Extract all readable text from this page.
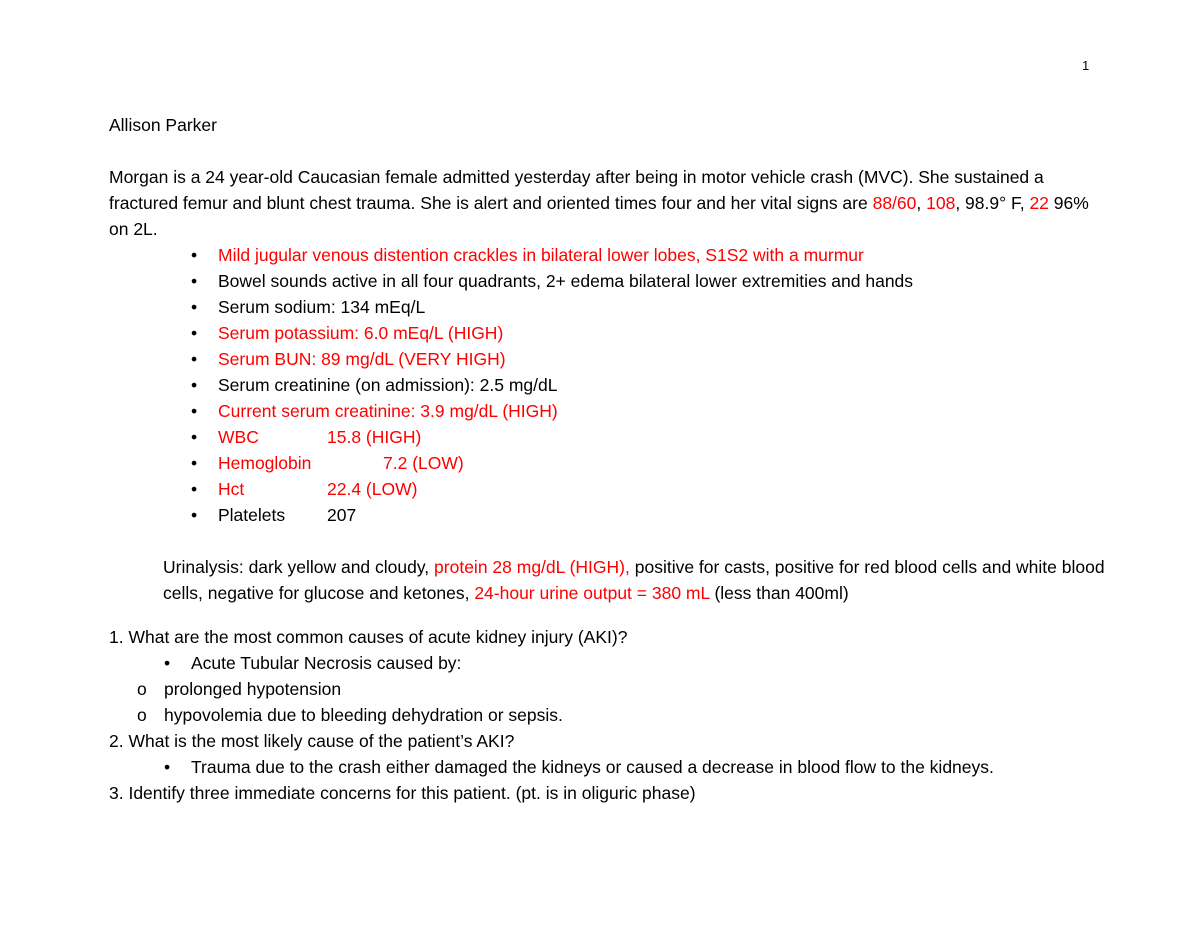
1

Allison Parker

Morgan is a 24 year-old Caucasian female admitted yesterday after being in motor vehicle crash (MVC). She sustained a fractured femur and blunt chest trauma. She is alert and oriented times four and her vital signs are 88/60, 108, 98.9° F, 22 96% on 2L.

• Mild jugular venous distention crackles in bilateral lower lobes, S1S2 with a murmur
• Bowel sounds active in all four quadrants, 2+ edema bilateral lower extremities and hands
• Serum sodium: 134 mEq/L
• Serum potassium: 6.0 mEq/L (HIGH)
• Serum BUN: 89 mg/dL (VERY HIGH)
• Serum creatinine (on admission): 2.5 mg/dL
• Current serum creatinine: 3.9 mg/dL (HIGH)
• WBC	15.8 (HIGH)
• Hemoglobin	7.2 (LOW)
• Hct	22.4 (LOW)
• Platelets 207

Urinalysis: dark yellow and cloudy, protein 28 mg/dL (HIGH), positive for casts, positive for red blood cells and white blood cells, negative for glucose and ketones, 24-hour urine output = 380 mL (less than 400ml)

1. What are the most common causes of acute kidney injury (AKI)?

• Acute Tubular Necrosis caused by:
o prolonged hypotension
o hypovolemia due to bleeding dehydration or sepsis.

2. What is the most likely cause of the patient’s AKI?

• Trauma due to the crash either damaged the kidneys or caused a decrease in blood flow to the kidneys.

3. Identify three immediate concerns for this patient. (pt. is in oliguric phase)
